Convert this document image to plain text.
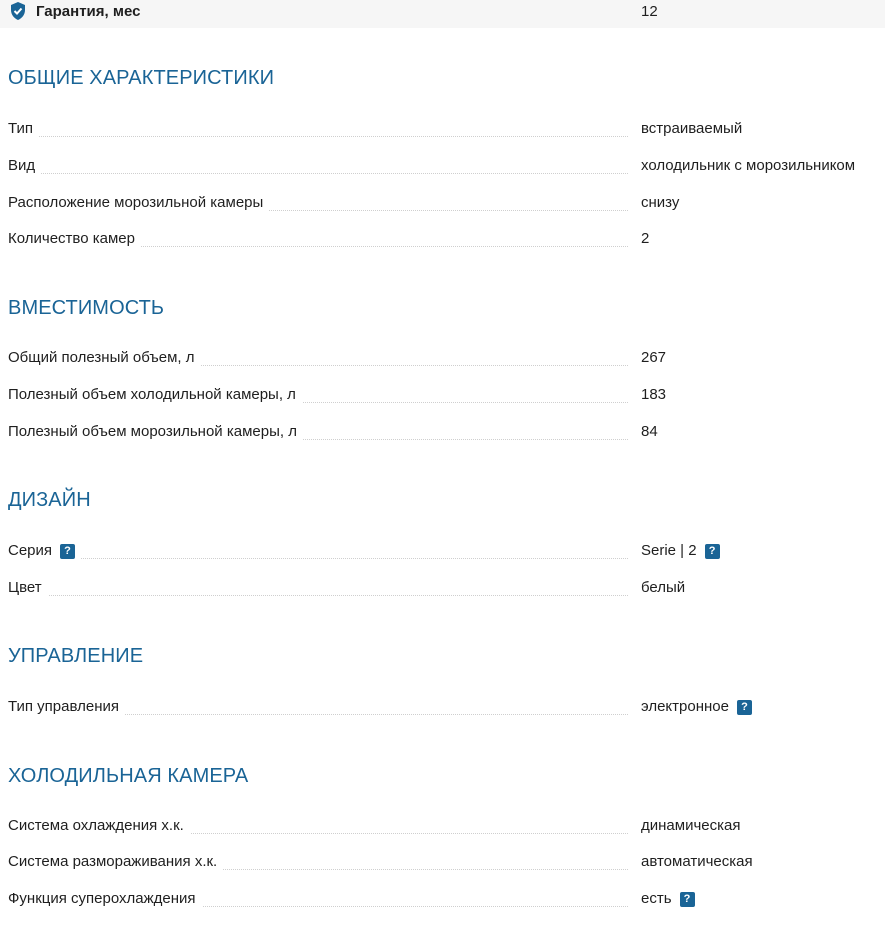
Гарантия, мес	12
ОБЩИЕ ХАРАКТЕРИСТИКИ
Тип	встраиваемый
Вид	холодильник с морозильником
Расположение морозильной камеры	снизу
Количество камер	2
ВМЕСТИМОСТЬ
Общий полезный объем, л	267
Полезный объем холодильной камеры, л	183
Полезный объем морозильной камеры, л	84
ДИЗАЙН
Серия ?	Serie | 2 ?
Цвет	белый
УПРАВЛЕНИЕ
Тип управления	электронное ?
ХОЛОДИЛЬНАЯ КАМЕРА
Система охлаждения х.к.	динамическая
Система размораживания х.к.	автоматическая
Функция суперохлаждения	есть ?
